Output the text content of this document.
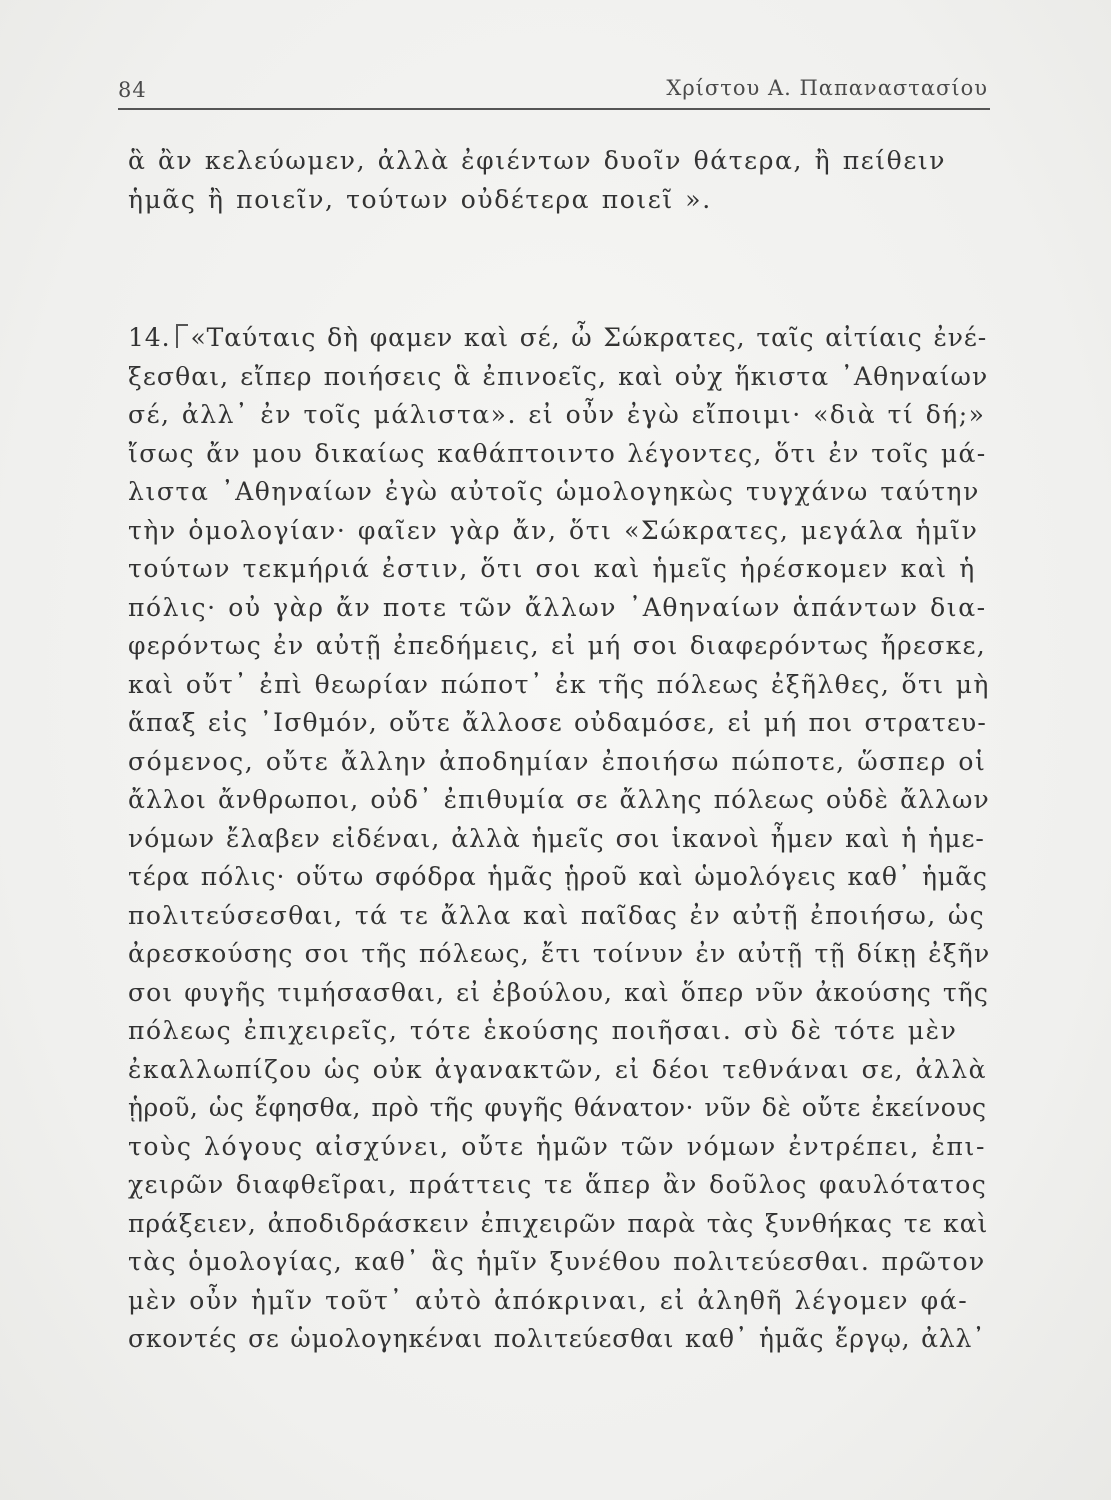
84	Χρίστου Α. Παπαναστασίου
ἃ ἂν κελεύωμεν, ἀλλὰ ἐφιέντων δυοῖν θάτερα, ἢ πείθειν
ἡμᾶς ἢ ποιεῖν, τούτων οὐδέτερα ποιεῖ ».
14. «Ταύταις δὴ φαμεν καὶ σέ, ὦ Σώκρατες, ταῖς αἰτίαις ἐνέ-
ξεσθαι, εἴπερ ποιήσεις ἃ ἐπινοεῖς, καὶ οὐχ ἥκιστα ᾿Αθηναίων
σέ, ἀλλ᾿ ἐν τοῖς μάλιστα». εἰ οὖν ἐγὼ εἴποιμι· «διὰ τί δή;»
ἴσως ἄν μου δικαίως καθάπτοιντο λέγοντες, ὅτι ἐν τοῖς μά-
λιστα ᾿Αθηναίων ἐγὼ αὐτοῖς ὡμολογηκὼς τυγχάνω ταύτην
τὴν ὁμολογίαν· φαῖεν γὰρ ἄν, ὅτι «Σώκρατες, μεγάλα ἡμῖν
τούτων τεκμήριά ἐστιν, ὅτι σοι καὶ ἡμεῖς ἠρέσκομεν καὶ ἡ
πόλις· οὐ γὰρ ἄν ποτε τῶν ἄλλων ᾿Αθηναίων ἁπάντων δια-
φερόντως ἐν αὐτῇ ἐπεδήμεις, εἰ μή σοι διαφερόντως ἤρεσκε,
καὶ οὔτ᾿ ἐπὶ θεωρίαν πώποτ᾿ ἐκ τῆς πόλεως ἐξῆλθες, ὅτι μὴ
ἅπαξ εἰς ᾿Ισθμόν, οὔτε ἄλλοσε οὐδαμόσε, εἰ μή ποι στρατευ-
σόμενος, οὔτε ἄλλην ἀποδημίαν ἐποιήσω πώποτε, ὥσπερ οἱ
ἄλλοι ἄνθρωποι, οὐδ᾿ ἐπιθυμία σε ἄλλης πόλεως οὐδὲ ἄλλων
νόμων ἔλαβεν εἰδέναι, ἀλλὰ ἡμεῖς σοι ἱκανοὶ ἦμεν καὶ ἡ ἡμε-
τέρα πόλις· οὕτω σφόδρα ἡμᾶς ᾑροῦ καὶ ὡμολόγεις καθ᾿ ἡμᾶς
πολιτεύσεσθαι, τά τε ἄλλα καὶ παῖδας ἐν αὐτῇ ἐποιήσω, ὡς
ἀρεσκούσης σοι τῆς πόλεως, ἔτι τοίνυν ἐν αὐτῇ τῇ δίκῃ ἐξῆν
σοι φυγῆς τιμήσασθαι, εἰ ἐβούλου, καὶ ὅπερ νῦν ἀκούσης τῆς
πόλεως ἐπιχειρεῖς, τότε ἑκούσης ποιῆσαι. σὺ δὲ τότε μὲν
ἐκαλλωπίζου ὡς οὐκ ἀγανακτῶν, εἰ δέοι τεθνάναι σε, ἀλλὰ
ᾑροῦ, ὡς ἔφησθα, πρὸ τῆς φυγῆς θάνατον· νῦν δὲ οὔτε ἐκείνους
τοὺς λόγους αἰσχύνει, οὔτε ἡμῶν τῶν νόμων ἐντρέπει, ἐπι-
χειρῶν διαφθεῖραι, πράττεις τε ἅπερ ἂν δοῦλος φαυλότατος
πράξειεν, ἀποδιδράσκειν ἐπιχειρῶν παρὰ τὰς ξυνθήκας τε καὶ
τὰς ὁμολογίας, καθ᾿ ἃς ἡμῖν ξυνέθου πολιτεύεσθαι. πρῶτον
μὲν οὖν ἡμῖν τοῦτ᾿ αὐτὸ ἀπόκριναι, εἰ ἀληθῆ λέγομεν φά-
σκοντές σε ὡμολογηκέναι πολιτεύεσθαι καθ᾿ ἡμᾶς ἔργῳ, ἀλλ᾿
